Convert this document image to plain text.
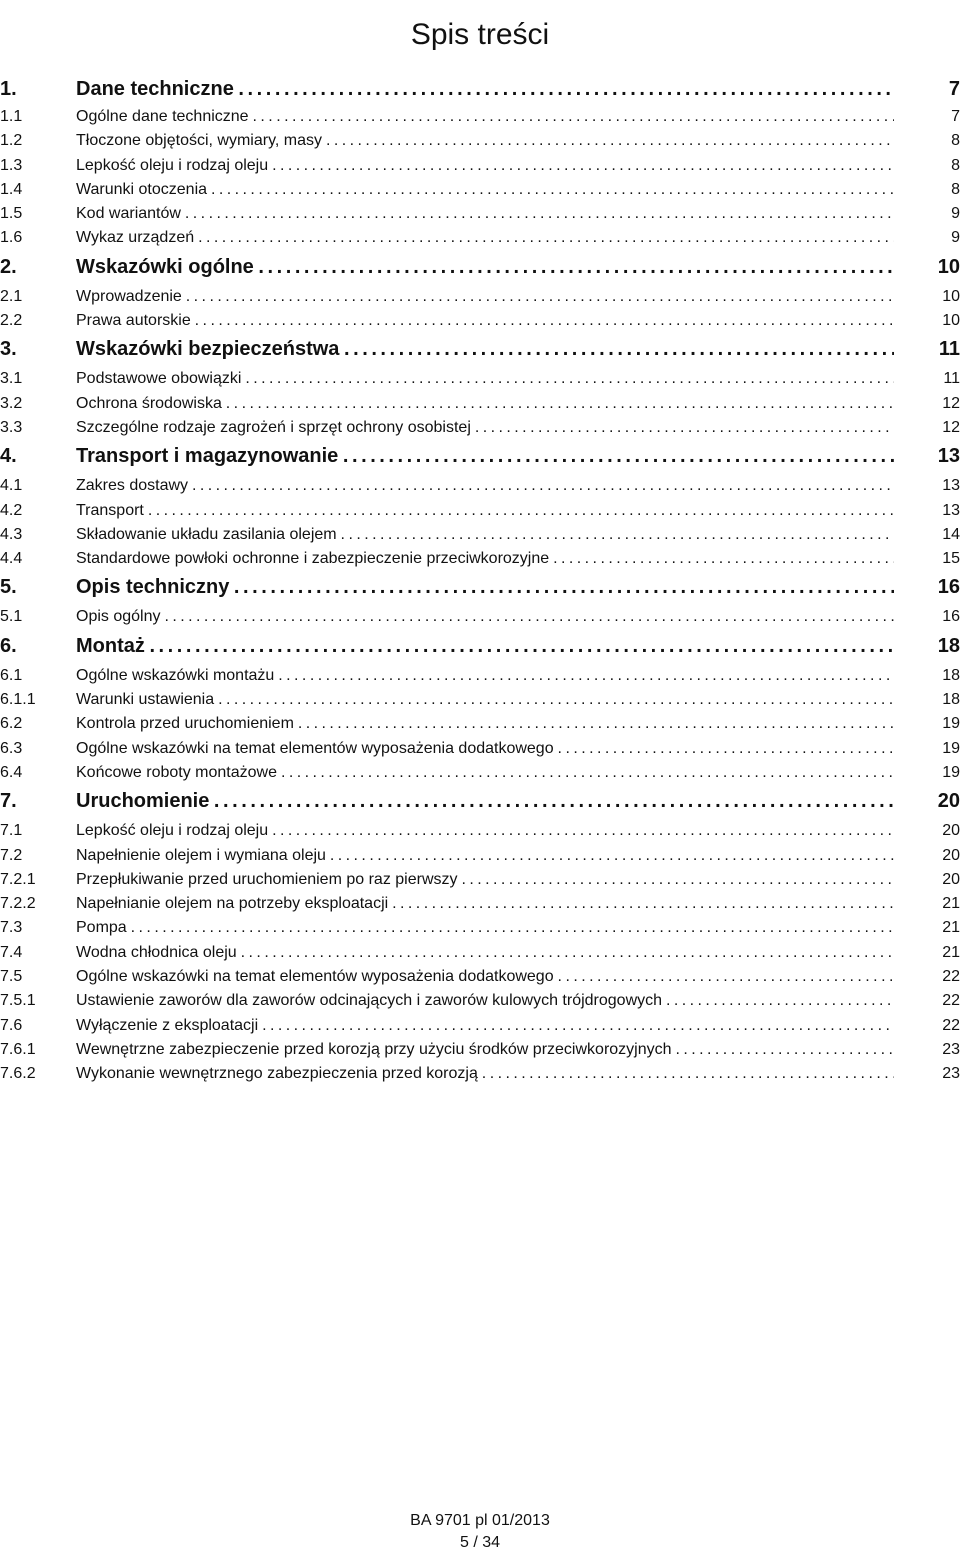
Spis treści
1.	Dane techniczne . . .	7
1.1	Ogólne dane techniczne . . .	7
1.2	Tłoczone objętości, wymiary, masy . . .	8
1.3	Lepkość oleju i rodzaj oleju . . .	8
1.4	Warunki otoczenia . . .	8
1.5	Kod wariantów . . .	9
1.6	Wykaz urządzeń . . .	9
2.	Wskazówki ogólne . . .	10
2.1	Wprowadzenie . . .	10
2.2	Prawa autorskie . . .	10
3.	Wskazówki bezpieczeństwa . . .	11
3.1	Podstawowe obowiązki . . .	11
3.2	Ochrona środowiska . . .	12
3.3	Szczególne rodzaje zagrożeń i sprzęt ochrony osobistej . . .	12
4.	Transport i magazynowanie . . .	13
4.1	Zakres dostawy . . .	13
4.2	Transport . . .	13
4.3	Składowanie układu zasilania olejem . . .	14
4.4	Standardowe powłoki ochronne i zabezpieczenie przeciwkorozyjne . . .	15
5.	Opis techniczny . . .	16
5.1	Opis ogólny . . .	16
6.	Montaż . . .	18
6.1	Ogólne wskazówki montażu . . .	18
6.1.1	Warunki ustawienia . . .	18
6.2	Kontrola przed uruchomieniem . . .	19
6.3	Ogólne wskazówki na temat elementów wyposażenia dodatkowego . . .	19
6.4	Końcowe roboty montażowe . . .	19
7.	Uruchomienie . . .	20
7.1	Lepkość oleju i rodzaj oleju . . .	20
7.2	Napełnienie olejem i wymiana oleju . . .	20
7.2.1	Przepłukiwanie przed uruchomieniem po raz pierwszy . . .	20
7.2.2	Napełnianie olejem na potrzeby eksploatacji . . .	21
7.3	Pompa . . .	21
7.4	Wodna chłodnica oleju . . .	21
7.5	Ogólne wskazówki na temat elementów wyposażenia dodatkowego . . .	22
7.5.1	Ustawienie zaworów dla zaworów odcinających i zaworów kulowych trójdrogowych . . .	22
7.6	Wyłączenie z eksploatacji . . .	22
7.6.1	Wewnętrzne zabezpieczenie przed korozją przy użyciu środków przeciwkorozyjnych . . .	23
7.6.2	Wykonanie wewnętrznego zabezpieczenia przed korozją . . .	23
BA 9701 pl 01/2013
5 / 34
